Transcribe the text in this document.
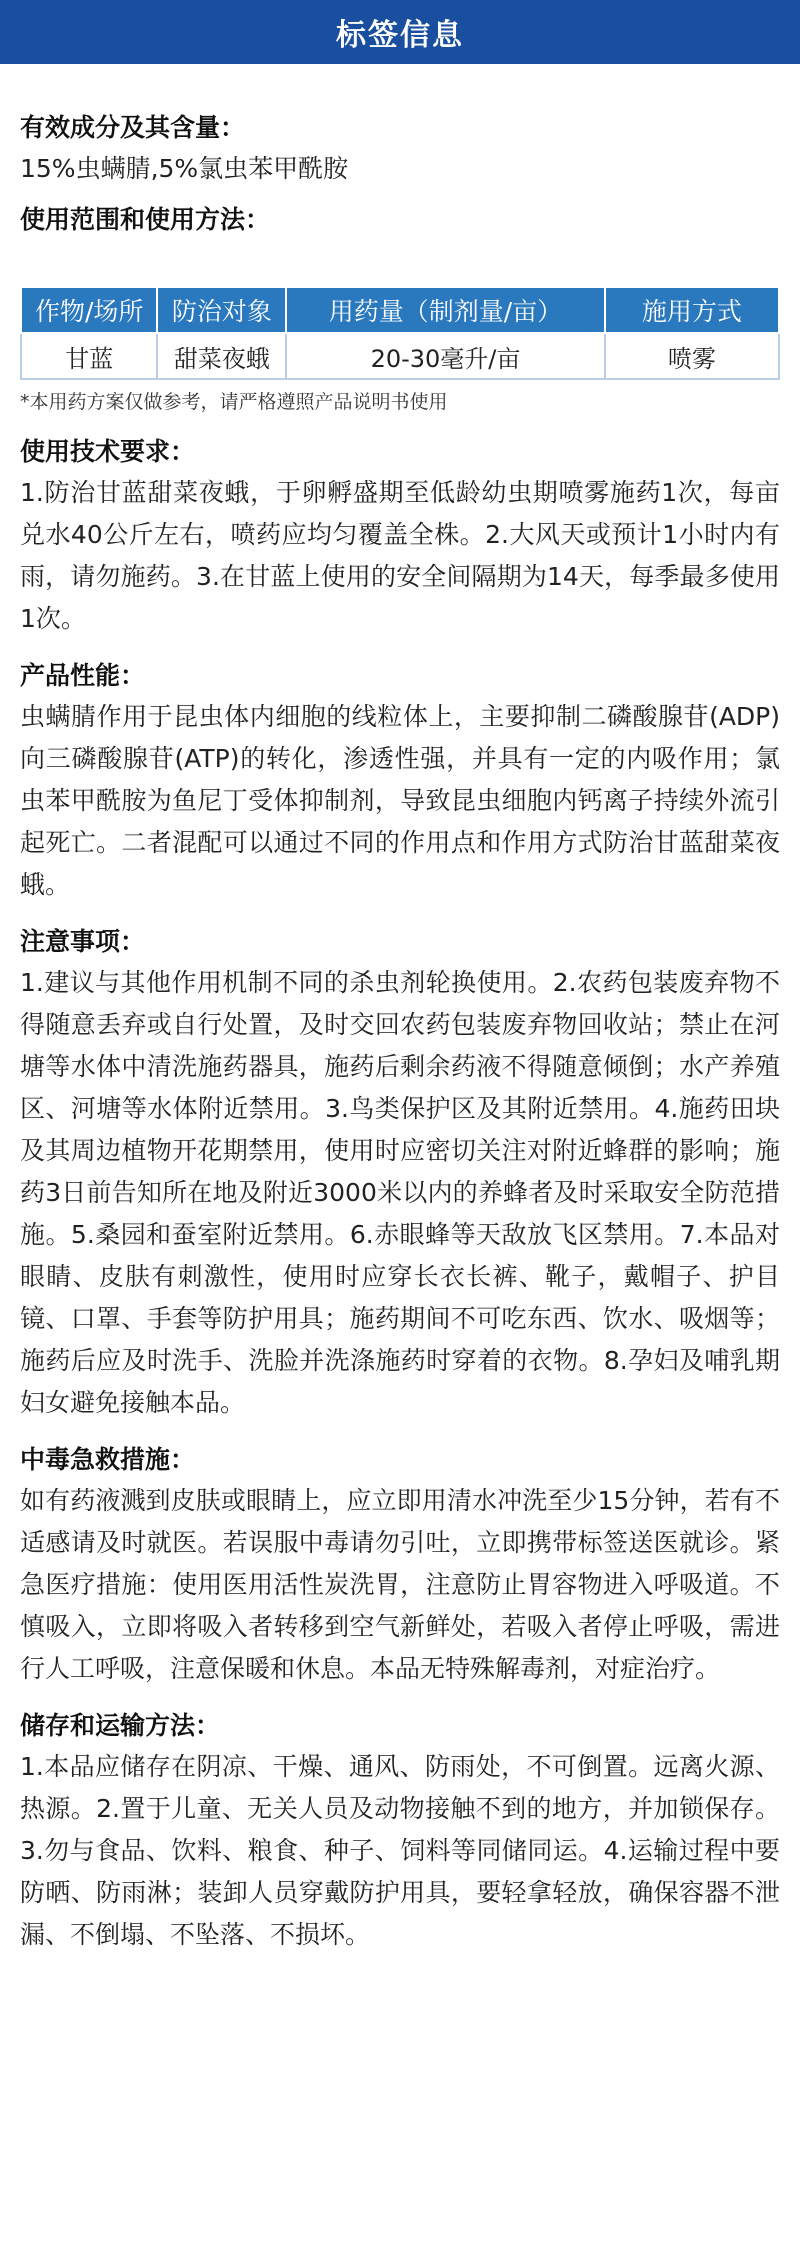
标签信息

有效成分及其含量：

15%虫螨腈,5%氯虫苯甲酰胺

使用范围和使用方法：

作物/场所	防治对象	用药量（制剂量/亩）	施用方式
甘蓝	甜菜夜蛾	20-30毫升/亩	喷雾

*本用药方案仅做参考，请严格遵照产品说明书使用

使用技术要求：

1.防治甘蓝甜菜夜蛾，于卵孵盛期至低龄幼虫期喷雾施药1次，每亩兑水40公斤左右，喷药应均匀覆盖全株。2.大风天或预计1小时内有雨，请勿施药。3.在甘蓝上使用的安全间隔期为14天，每季最多使用1次。

产品性能：

虫螨腈作用于昆虫体内细胞的线粒体上，主要抑制二磷酸腺苷(ADP) 向三磷酸腺苷(ATP)的转化，渗透性强，并具有一定的内吸作用；氯虫苯甲酰胺为鱼尼丁受体抑制剂，导致昆虫细胞内钙离子持续外流引起死亡。二者混配可以通过不同的作用点和作用方式防治甘蓝甜菜夜蛾。

注意事项：

1.建议与其他作用机制不同的杀虫剂轮换使用。2.农药包装废弃物不得随意丢弃或自行处置，及时交回农药包装废弃物回收站；禁止在河塘等水体中清洗施药器具，施药后剩余药液不得随意倾倒；水产养殖区、河塘等水体附近禁用。3.鸟类保护区及其附近禁用。4.施药田块及其周边植物开花期禁用，使用时应密切关注对附近蜂群的影响；施药3日前告知所在地及附近3000米以内的养蜂者及时采取安全防范措施。5.桑园和蚕室附近禁用。6.赤眼蜂等天敌放飞区禁用。7.本品对眼睛、皮肤有刺激性，使用时应穿长衣长裤、靴子，戴帽子、护目镜、口罩、手套等防护用具；施药期间不可吃东西、饮水、吸烟等；施药后应及时洗手、洗脸并洗涤施药时穿着的衣物。8.孕妇及哺乳期妇女避免接触本品。

中毒急救措施：

如有药液溅到皮肤或眼睛上，应立即用清水冲洗至少15分钟，若有不适感请及时就医。若误服中毒请勿引吐，立即携带标签送医就诊。紧急医疗措施：使用医用活性炭洗胃，注意防止胃容物进入呼吸道。不慎吸入，立即将吸入者转移到空气新鲜处，若吸入者停止呼吸，需进行人工呼吸，注意保暖和休息。本品无特殊解毒剂，对症治疗。

储存和运输方法：

1.本品应储存在阴凉、干燥、通风、防雨处，不可倒置。远离火源、热源。2.置于儿童、无关人员及动物接触不到的地方，并加锁保存。3.勿与食品、饮料、粮食、种子、饲料等同储同运。4.运输过程中要防晒、防雨淋；装卸人员穿戴防护用具，要轻拿轻放，确保容器不泄漏、不倒塌、不坠落、不损坏。
